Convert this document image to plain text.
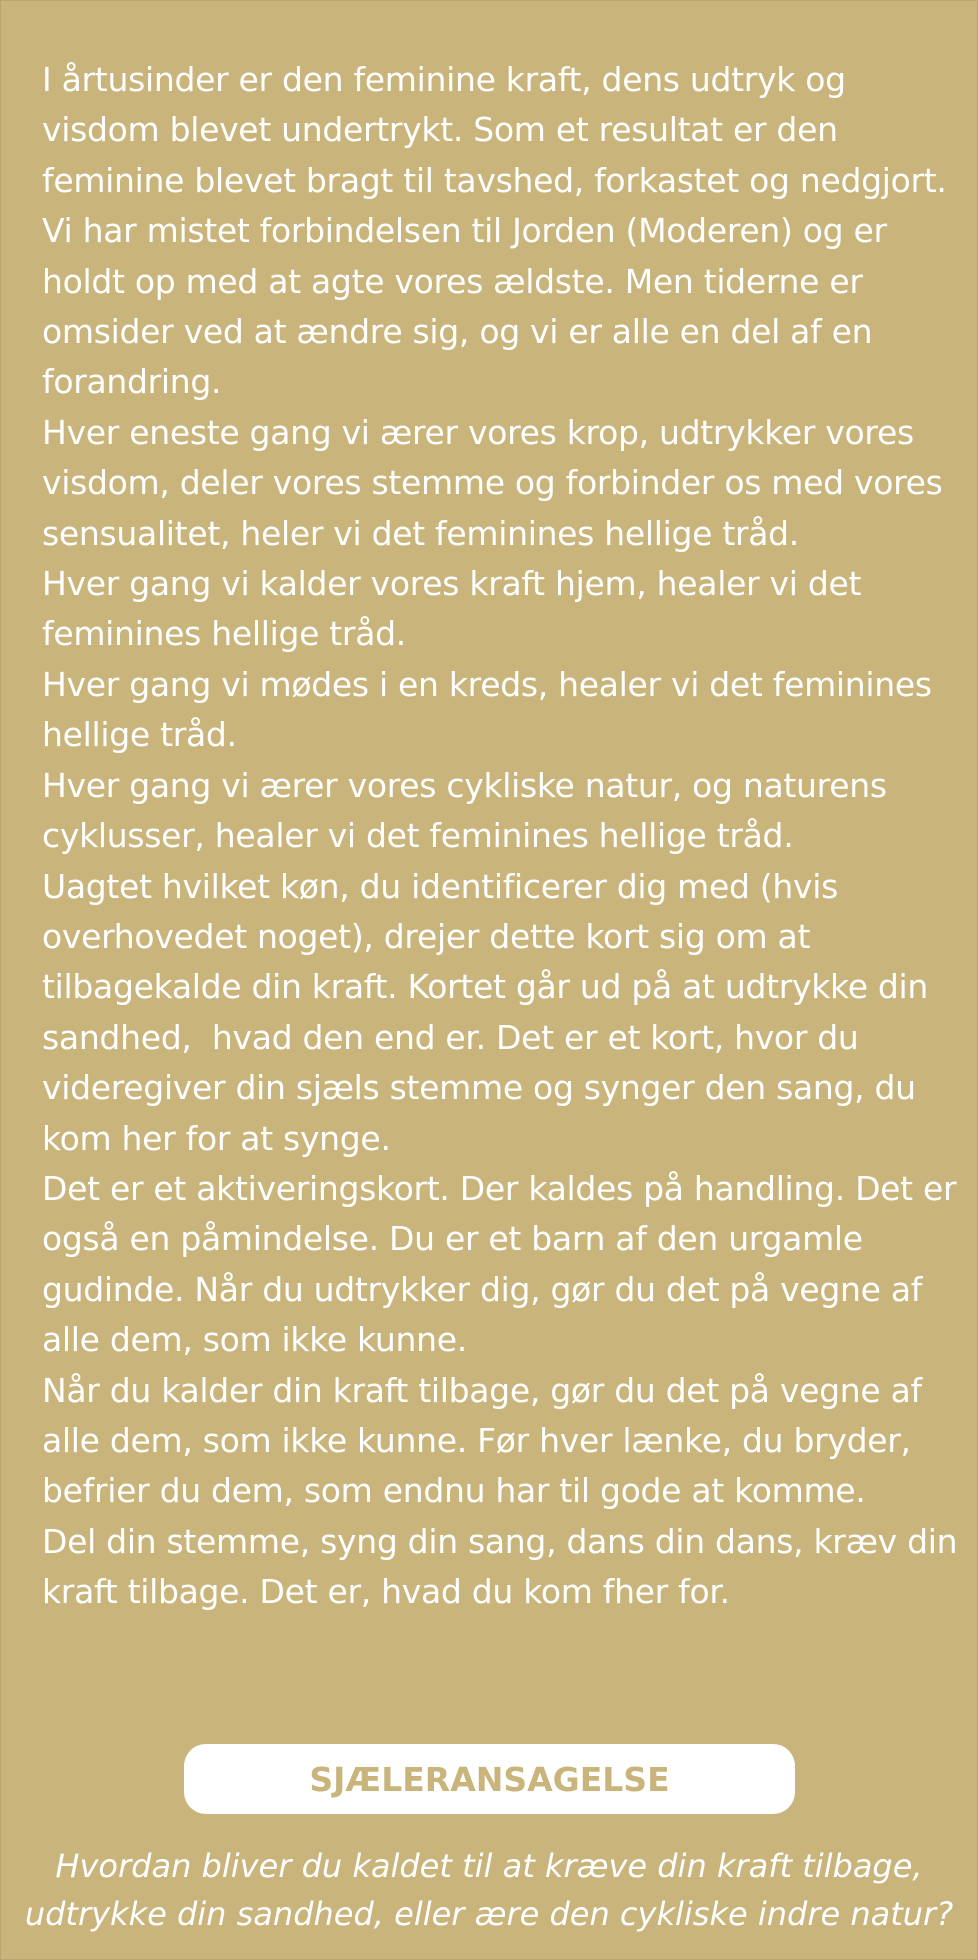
I årtusinder er den feminine kraft, dens udtryk og visdom blevet undertrykt. Som et resultat er den feminine blevet bragt til tavshed, forkastet og nedgjort. Vi har mistet forbindelsen til Jorden (Moderen) og er holdt op med at agte vores ældste. Men tiderne er omsider ved at ændre sig, og vi er alle en del af en forandring.

Hver eneste gang vi ærer vores krop, udtrykker vores visdom, deler vores stemme og forbinder os med vores sensualitet, heler vi det feminines hellige tråd.

Hver gang vi kalder vores kraft hjem, healer vi det feminines hellige tråd.

Hver gang vi mødes i en kreds, healer vi det feminines hellige tråd.

Hver gang vi ærer vores cykliske natur, og naturens cyklusser, healer vi det feminines hellige tråd.

Uagtet hvilket køn, du identificerer dig med (hvis overhovedet noget), drejer dette kort sig om at tilbagekalde din kraft. Kortet går ud på at udtrykke din sandhed,  hvad den end er. Det er et kort, hvor du videregiver din sjæls stemme og synger den sang, du kom her for at synge.

Det er et aktiveringskort. Der kaldes på handling. Det er også en påmindelse. Du er et barn af den urgamle gudinde. Når du udtrykker dig, gør du det på vegne af alle dem, som ikke kunne.

Når du kalder din kraft tilbage, gør du det på vegne af alle dem, som ikke kunne. Før hver lænke, du bryder, befrier du dem, som endnu har til gode at komme.

Del din stemme, syng din sang, dans din dans, kræv din kraft tilbage. Det er, hvad du kom fher for.

SJÆLERANSAGELSE

Hvordan bliver du kaldet til at kræve din kraft tilbage,

udtrykke din sandhed, eller ære den cykliske indre natur?
